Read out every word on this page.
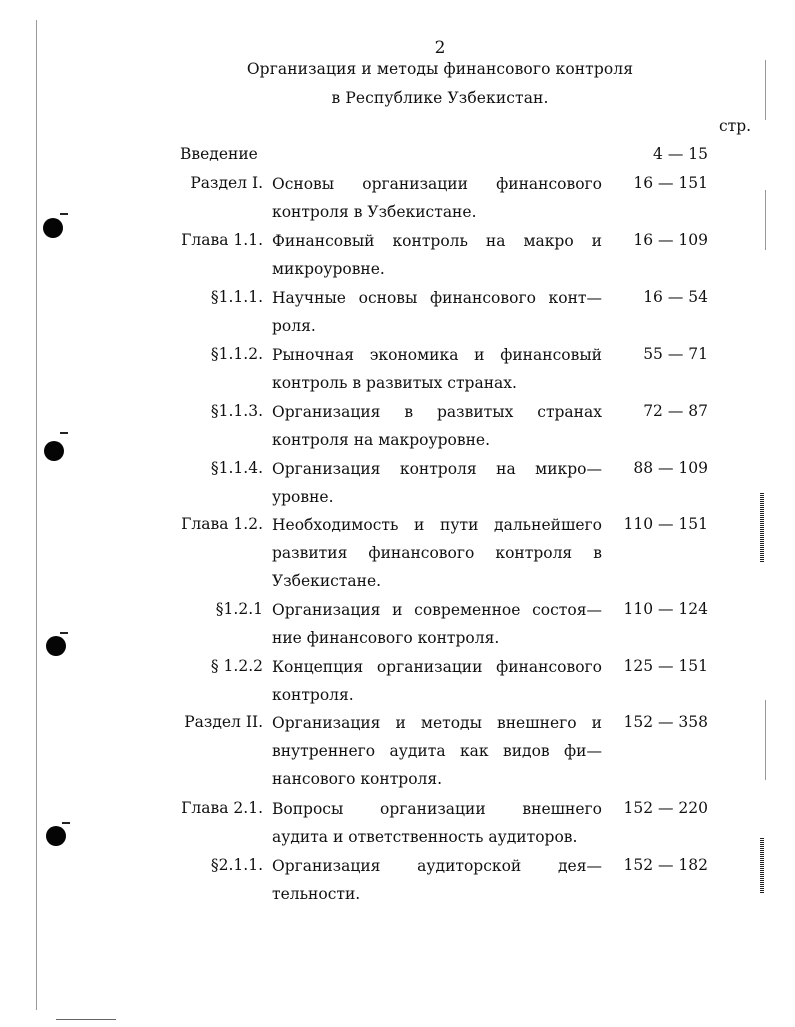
2
Организация и методы финансового контроля
в Республике Узбекистан.
стр.
Введение	4 — 15
Раздел I. Основы организации финансового
контроля в Узбекистане.
16 — 151
Глава 1.1. Финансовый контроль на макро и
микроуровне.
16 — 109
§1.1.1. Научные основы финансового конт—
роля.
16 — 54
§1.1.2. Рыночная экономика и финансовый
контроль в развитых странах.
55 — 71
§1.1.3. Организация в развитых странах
контроля на макроуровне.
72 — 87
§1.1.4. Организация контроля на микро—
уровне.
88 — 109
Глава 1.2. Необходимость и пути дальнейшего
развития финансового контроля в
Узбекистане.
110 — 151
§1.2.1 Организация и современное состоя—
ние финансового контроля.
110 — 124
§ 1.2.2 Концепция организации финансового
контроля.
125 — 151
Раздел II. Организация и методы внешнего и
внутреннего аудита как видов фи—
нансового контроля.
152 — 358
Глава 2.1. Вопросы организации внешнего
аудита и ответственность аудиторов.
152 — 220
§2.1.1. Организация аудиторской дея—
тельности.
152 — 182
